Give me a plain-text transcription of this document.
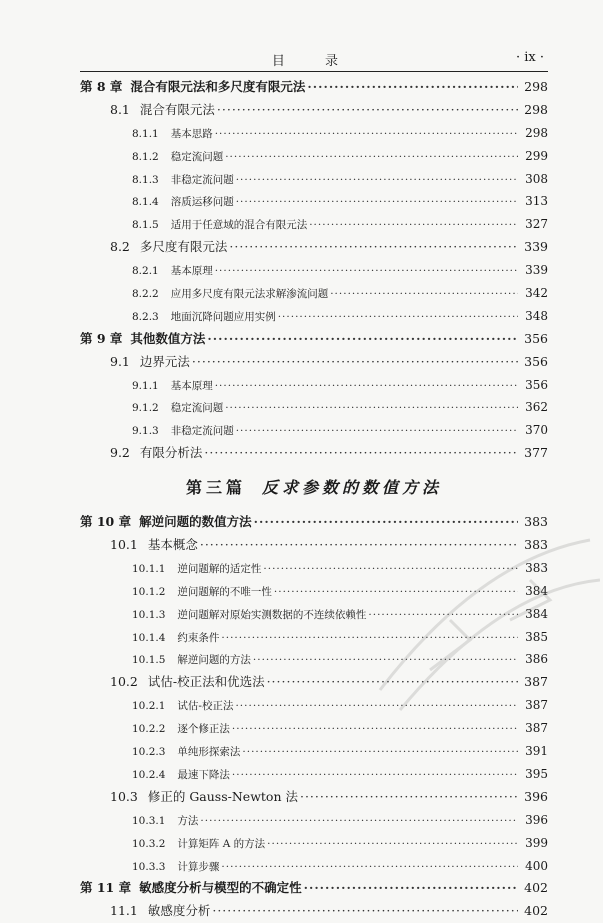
目 录	· ix ·
第 8 章 混合有限元法和多尺度有限元法 ·····	298
8.1 混合有限元法 ·····	298
8.1.1 基本思路 ·····	298
8.1.2 稳定流问题 ·····	299
8.1.3 非稳定流问题 ·····	308
8.1.4 溶质运移问题 ·····	313
8.1.5 适用于任意域的混合有限元法 ·····	327
8.2 多尺度有限元法 ·····	339
8.2.1 基本原理 ·····	339
8.2.2 应用多尺度有限元法求解渗流问题 ·····	342
8.2.3 地面沉降问题应用实例 ·····	348
第 9 章 其他数值方法 ·····	356
9.1 边界元法 ·····	356
9.1.1 基本原理 ·····	356
9.1.2 稳定流问题 ·····	362
9.1.3 非稳定流问题 ·····	370
9.2 有限分析法 ·····	377
第三篇 反求参数的数值方法
第 10 章 解逆问题的数值方法 ·····	383
10.1 基本概念 ·····	383
10.1.1 逆问题解的适定性 ·····	383
10.1.2 逆问题解的不唯一性 ·····	384
10.1.3 逆问题解对原始实测数据的不连续依赖性 ·····	384
10.1.4 约束条件 ·····	385
10.1.5 解逆问题的方法 ·····	386
10.2 试估-校正法和优选法 ·····	387
10.2.1 试估-校正法 ·····	387
10.2.2 逐个修正法 ·····	387
10.2.3 单纯形探索法 ·····	391
10.2.4 最速下降法 ·····	395
10.3 修正的 Gauss-Newton 法 ·····	396
10.3.1 方法 ·····	396
10.3.2 计算矩阵 A 的方法 ·····	399
10.3.3 计算步骤 ·····	400
第 11 章 敏感度分析与模型的不确定性 ·····	402
11.1 敏感度分析 ·····	402
